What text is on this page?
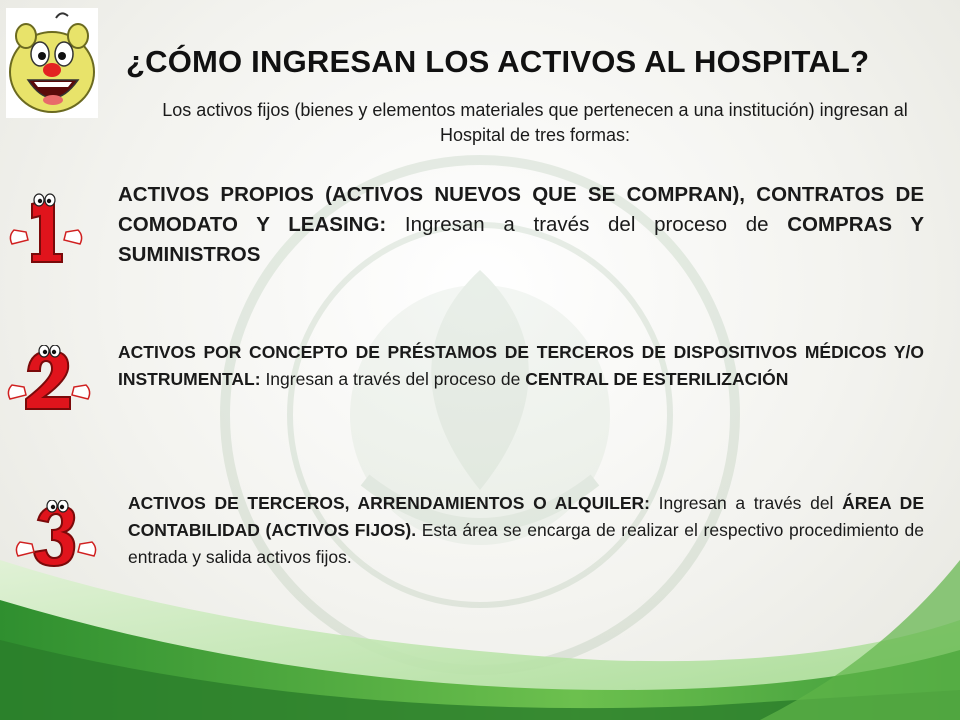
¿CÓMO INGRESAN LOS ACTIVOS AL HOSPITAL?
Los activos fijos (bienes y elementos materiales que pertenecen a una institución) ingresan al Hospital de tres formas:
ACTIVOS PROPIOS (ACTIVOS NUEVOS QUE SE COMPRAN), CONTRATOS DE COMODATO Y LEASING: Ingresan a través del proceso de COMPRAS Y SUMINISTROS
ACTIVOS POR CONCEPTO DE PRÉSTAMOS DE TERCEROS DE DISPOSITIVOS MÉDICOS Y/O INSTRUMENTAL: Ingresan a través del proceso de CENTRAL DE ESTERILIZACIÓN
ACTIVOS DE TERCEROS, ARRENDAMIENTOS O ALQUILER: Ingresan a través del ÁREA DE CONTABILIDAD (ACTIVOS FIJOS). Esta área se encarga de realizar el respectivo procedimiento de entrada y salida activos fijos.
